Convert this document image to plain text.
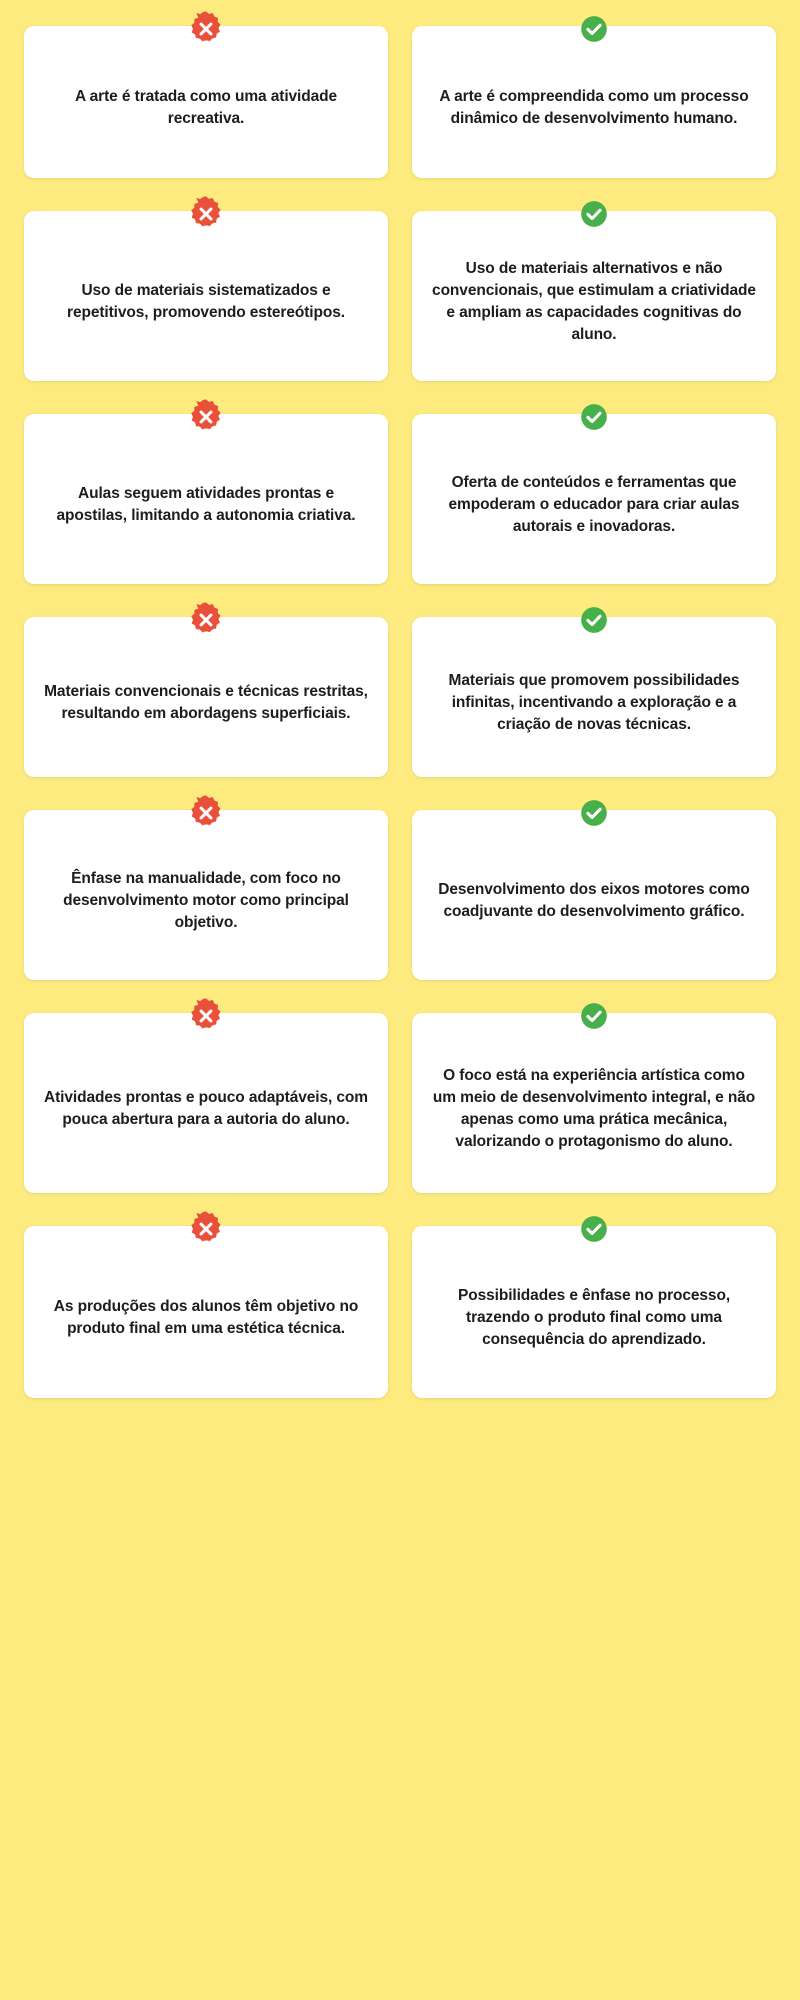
A arte é tratada como uma atividade recreativa.
A arte é compreendida como um processo dinâmico de desenvolvimento humano.
Uso de materiais sistematizados e repetitivos, promovendo estereótipos.
Uso de materiais alternativos e não convencionais, que estimulam a criatividade e ampliam as capacidades cognitivas do aluno.
Aulas seguem atividades prontas e apostilas, limitando a autonomia criativa.
Oferta de conteúdos e ferramentas que empoderam o educador para criar aulas autorais e inovadoras.
Materiais convencionais e técnicas restritas, resultando em abordagens superficiais.
Materiais que promovem possibilidades infinitas, incentivando a exploração e a criação de novas técnicas.
Ênfase na manualidade, com foco no desenvolvimento motor como principal objetivo.
Desenvolvimento dos eixos motores como coadjuvante do desenvolvimento gráfico.
Atividades prontas e pouco adaptáveis, com pouca abertura para a autoria do aluno.
O foco está na experiência artística como um meio de desenvolvimento integral, e não apenas como uma prática mecânica, valorizando o protagonismo do aluno.
As produções dos alunos têm objetivo no produto final em uma estética técnica.
Possibilidades e ênfase no processo, trazendo o produto final como uma consequência do aprendizado.
